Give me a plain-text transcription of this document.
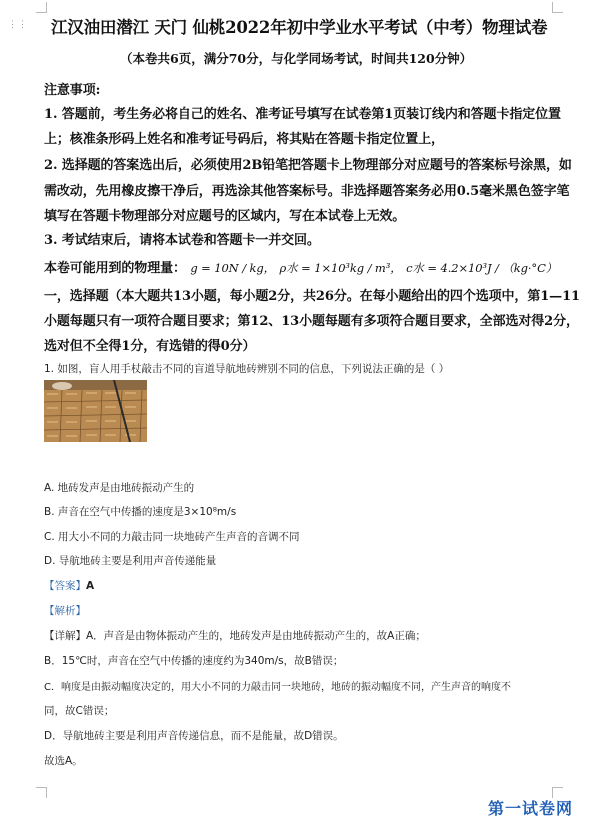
⋮⋮ 江汉油田潜江 天门 仙桃2022年初中学业水平考试（中考）物理试卷
（本卷共6页，满分70分，与化学同场考试，时间共120分钟）
注意事项:
1. 答题前，考生务必将自己的姓名、准考证号填写在试卷第1页装订线内和答题卡指定位置
上；核准条形码上姓名和准考证号码后，将其贴在答题卡指定位置上，
2. 选择题的答案选出后，必须使用2B铅笔把答题卡上物理部分对应题号的答案标号涂黑，如
需改动，先用橡皮擦干净后，再选涂其他答案标号。非选择题答案务必用0.5毫米黑色签字笔
填写在答题卡物理部分对应题号的区域内，写在本试卷上无效。
3. 考试结束后，请将本试卷和答题卡一并交回。
本卷可能用到的物理量： g = 10N / kg， ρ水 = 1×10³kg / m³， c水 = 4.2×10³J / （kg·°C）
一，选择题（本大题共13小题，每小题2分，共26分。在每小题给出的四个选项中，第1—11
小题每题只有一项符合题目要求；第12、13小题每题有多项符合题目要求，全部选对得2分，
选对但不全得1分，有选错的得0分）
1. 如图，盲人用手杖敲击不同的盲道导航地砖辨别不同的信息，下列说法正确的是（ ）
A. 地砖发声是由地砖振动产生的
B. 声音在空气中传播的速度是3×10⁸m/s
C. 用大小不同的力敲击同一块地砖产生声音的音调不同
D. 导航地砖主要是利用声音传递能量
【答案】A
【解析】
【详解】A．声音是由物体振动产生的，地砖发声是由地砖振动产生的，故A正确；
B．15℃时，声音在空气中传播的速度约为340m/s，故B错误；
C．响度是由振动幅度决定的，用大小不同的力敲击同一块地砖，地砖的振动幅度不同，产生声音的响度不
同，故C错误；
D．导航地砖主要是利用声音传递信息，而不是能量，故D错误。
故选A。
第一试卷网
